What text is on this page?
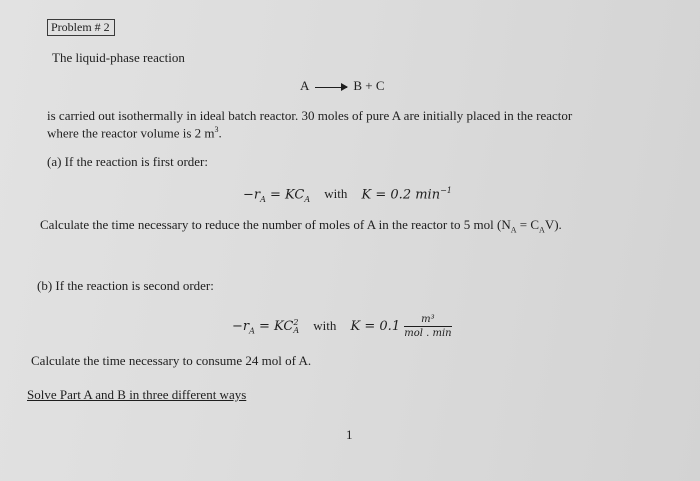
Problem # 2
The liquid-phase reaction
A → B + C
is carried out isothermally in ideal batch reactor. 30 moles of pure A are initially placed in the reactor
where the reactor volume is 2 $m^3$.
(a) If the reaction is first order:
$-r_A = KC_A$ with K = 0.2 $\min^{-1}$
Calculate the time necessary to reduce the number of moles of A in the reactor to 5 mol $(N_A = C_AV)$.
(b) If the reaction is second order:
$-r_A$ = KC 2
A with $K = 0.1 \frac{\text{m³}}{\text{mol . min}}$
Calculate the time necessary to consume 24 mol of A.
Solve Part A and B in three different ways
1
